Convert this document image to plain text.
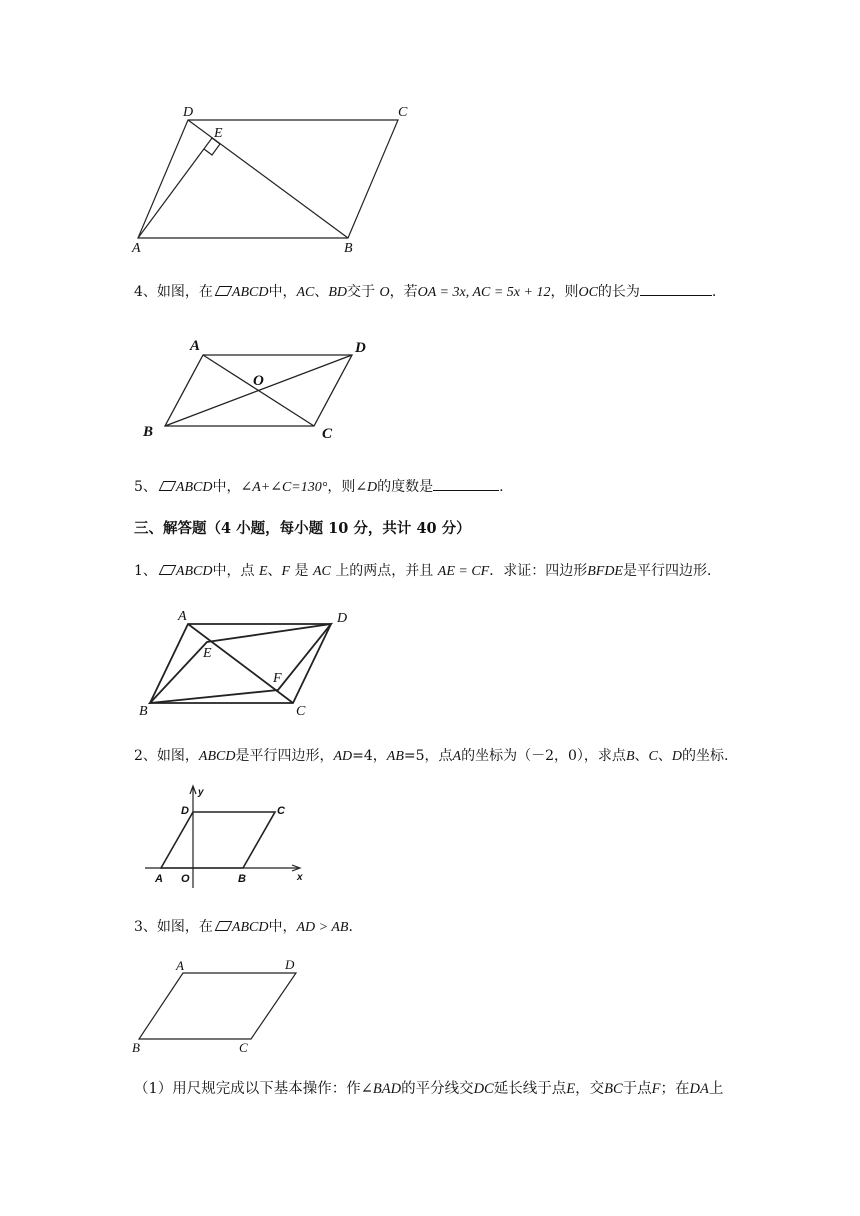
D
E
C
A	B
4、如图，在 ABCD中，AC、BD交于 O，若OA = 3x, AC = 5x + 12，则OC的长为	.
A	D
O
B	C
5、 ABCD中，∠A+∠C=130°，则∠D的度数是	.
三、解答题（4 小题，每小题 10 分，共计 40 分）
1、 ABCD中，点 E、F 是 AC 上的两点，并且 AE = CF．求证：四边形BFDE是平行四边形．
A	D
E
F
B	C
2、如图，ABCD是平行四边形，AD=4，AB=5，点A的坐标为（－2，0），求点B、C、D的坐标.
y
D	C
A O	B	x
3、如图，在 ABCD中，AD > AB．
A	D
B	C
（1）用尺规完成以下基本操作：作∠BAD的平分线交DC延长线于点E，交BC于点F；在DA上
